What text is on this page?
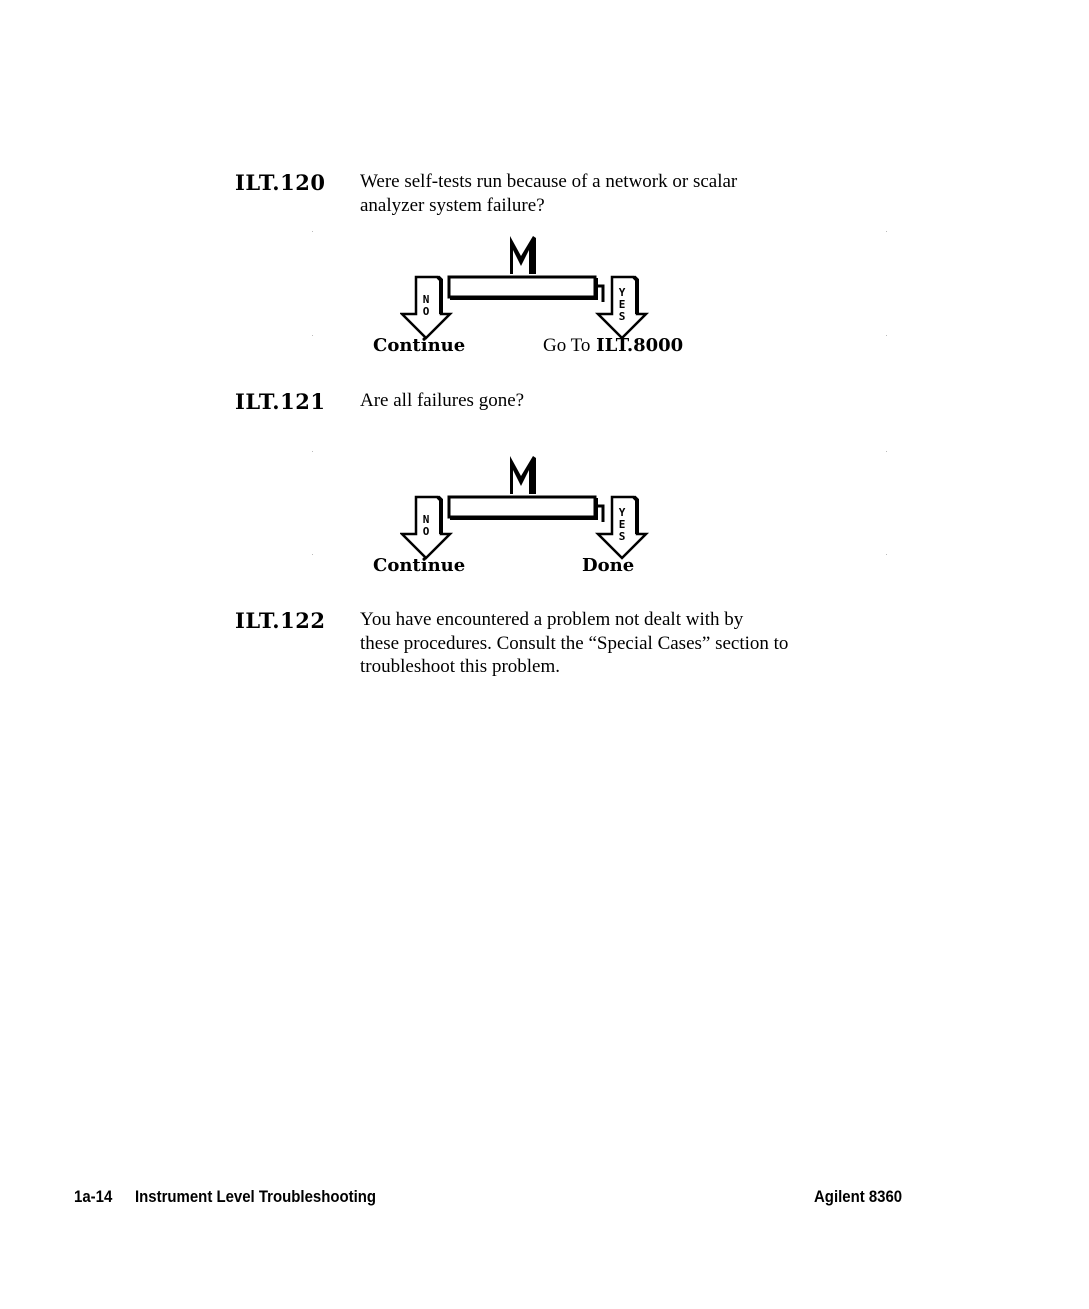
ILT.120 Were self-tests run because of a network or scalar
analyzer system failure?
N
O
Y
E
S
Continue	Go To ILT.8000
ILT.121 Are all failures gone?
N
O
Y
E
S
Continue	Done
ILT.122 You have encountered a problem not dealt with by
these procedures. Consult the “Special Cases” section to
troubleshoot this problem.
1a-14 Instrument Level Troubleshooting	Agilent 8360
